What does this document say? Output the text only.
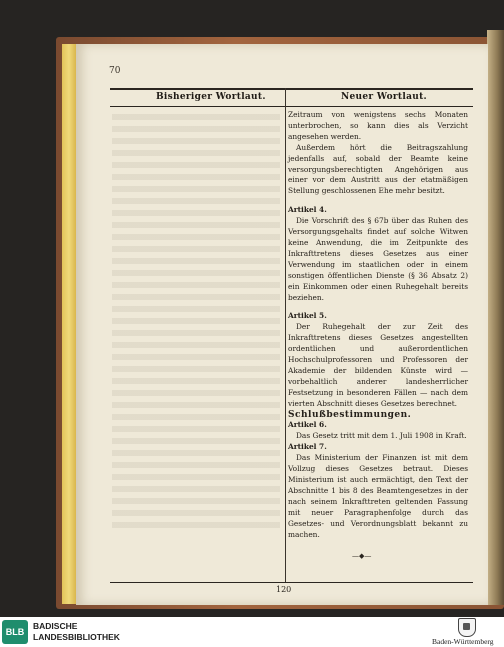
70
Bisheriger Wortlaut.	Neuer Wortlaut.

Zeitraum von wenigstens sechs Monaten unterbrochen, so kann dies als Verzicht angesehen werden.

Außerdem hört die Beitragszahlung jedenfalls auf, sobald der Beamte keine versorgungsberechtigten Angehörigen aus einer vor dem Austritt aus der etatmäßigen Stellung geschlossenen Ehe mehr besitzt.

Artikel 4.

Die Vorschrift des § 67b über das Ruhen des Versorgungsgehalts findet auf solche Witwen keine Anwendung, die im Zeitpunkte des Inkrafttretens dieses Gesetzes aus einer Verwendung im staatlichen oder in einem sonstigen öffentlichen Dienste (§ 36 Absatz 2) ein Einkommen oder einen Ruhegehalt bereits beziehen.

Artikel 5.

Der Ruhegehalt der zur Zeit des Inkrafttretens dieses Gesetzes angestellten ordentlichen und außerordentlichen Hochschulprofessoren und Professoren der Akademie der bildenden Künste wird — vorbehaltlich anderer landesherrlicher Festsetzung in besonderen Fällen — nach dem vierten Abschnitt dieses Gesetzes berechnet.

Schlußbestimmungen.

Artikel 6.

Das Gesetz tritt mit dem 1. Juli 1908 in Kraft.

Artikel 7.

Das Ministerium der Finanzen ist mit dem Vollzug dieses Gesetzes betraut. Dieses Ministerium ist auch ermächtigt, den Text der Abschnitte 1 bis 8 des Beamtengesetzes in der nach seinem Inkrafttreten geltenden Fassung mit neuer Paragraphenfolge durch das Gesetzes- und Verordnungsblatt bekannt zu machen.

—◆—
120
BLB
BADISCHE
LANDESBIBLIOTHEK	Baden-Württemberg
